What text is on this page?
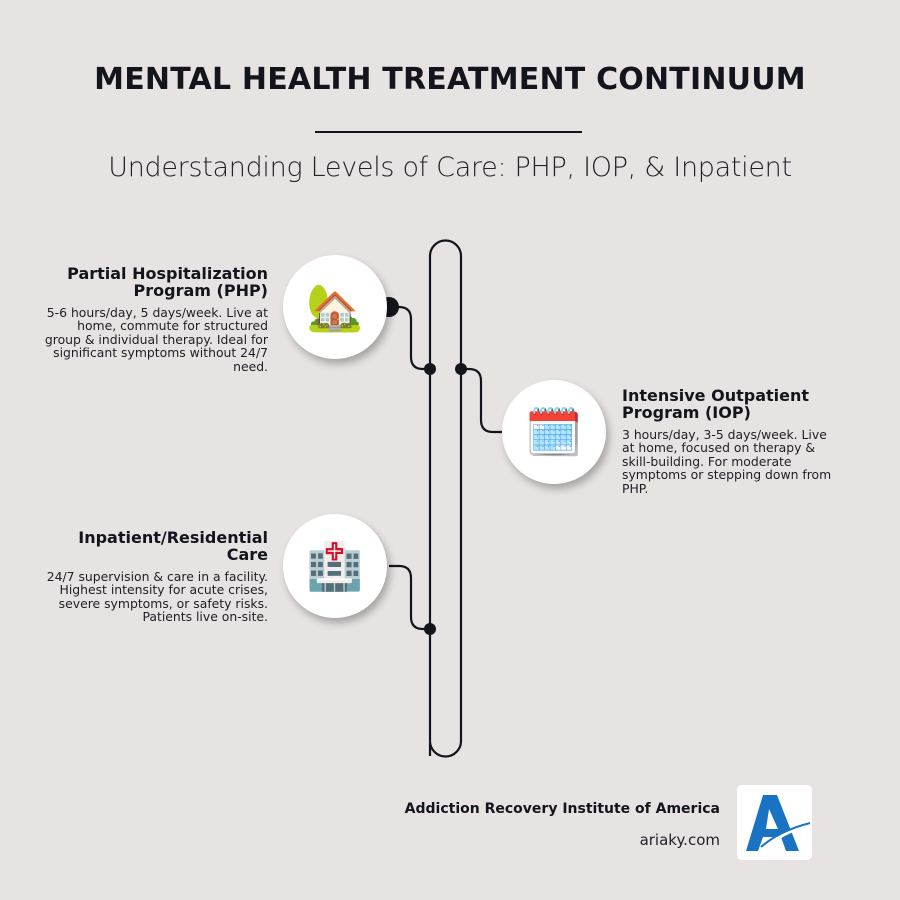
MENTAL HEALTH TREATMENT CONTINUUM
Understanding Levels of Care: PHP, IOP, & Inpatient
🏡
Partial Hospitalization
Program (PHP)

5-6 hours/day, 5 days/week. Live at home, commute for structured group & individual therapy. Ideal for significant symptoms without 24/7 need.

🗓️
Intensive Outpatient
Program (IOP)

3 hours/day, 3-5 days/week. Live at home, focused on therapy & skill-building. For moderate symptoms or stepping down from PHP.

🏥
Inpatient/Residential
Care

24/7 supervision & care in a facility. Highest intensity for acute crises, severe symptoms, or safety risks. Patients live on-site.

Addiction Recovery Institute of America
ariaky.com
